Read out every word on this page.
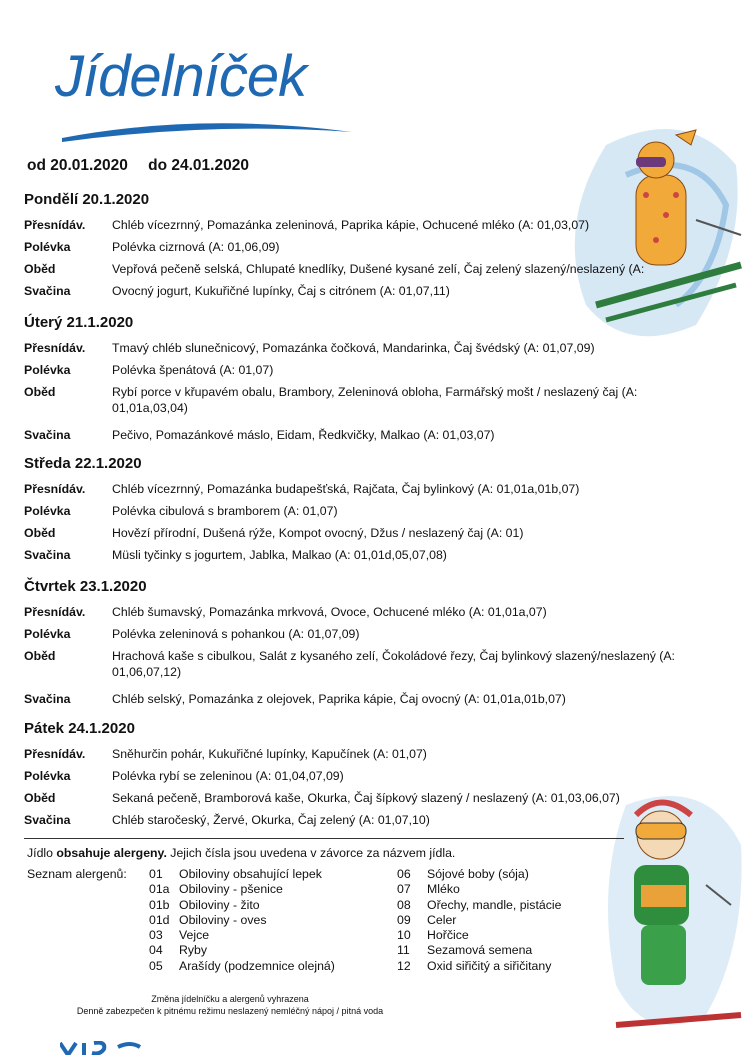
Jídelníček
od 20.01.2020 do 24.01.2020
Pondělí 20.1.2020
Přesnídáv.	Chléb vícezrnný, Pomazánka zeleninová, Paprika kápie, Ochucené mléko (A: 01,03,07)
Polévka	Polévka cizrnová (A: 01,06,09)
Oběd	Vepřová pečeně selská, Chlupaté knedlíky, Dušené kysané zelí, Čaj zelený slazený/neslazený (A:
Svačina	Ovocný jogurt, Kukuřičné lupínky, Čaj s citrónem (A: 01,07,11)
Úterý 21.1.2020
Přesnídáv.	Tmavý chléb slunečnicový, Pomazánka čočková, Mandarinka, Čaj švédský (A: 01,07,09)
Polévka	Polévka špenátová (A: 01,07)
Oběd	Rybí porce v křupavém obalu, Brambory, Zeleninová obloha, Farmářský mošt / neslazený čaj (A: 01,01a,03,04)
Svačina	Pečivo, Pomazánkové máslo, Eidam, Ředkvičky, Malkao (A: 01,03,07)
Středa 22.1.2020
Přesnídáv.	Chléb vícezrnný, Pomazánka budapešťská, Rajčata, Čaj bylinkový (A: 01,01a,01b,07)
Polévka	Polévka cibulová s bramborem (A: 01,07)
Oběd	Hovězí přírodní, Dušená rýže, Kompot ovocný, Džus / neslazený čaj (A: 01)
Svačina	Müsli tyčinky s jogurtem, Jablka, Malkao (A: 01,01d,05,07,08)
Čtvrtek 23.1.2020
Přesnídáv.	Chléb šumavský, Pomazánka mrkvová, Ovoce, Ochucené mléko (A: 01,01a,07)
Polévka	Polévka zeleninová s pohankou (A: 01,07,09)
Oběd	Hrachová kaše s cibulkou, Salát z kysaného zelí, Čokoládové řezy, Čaj bylinkový slazený/neslazený (A: 01,06,07,12)
Svačina	Chléb selský, Pomazánka z olejovek, Paprika kápie, Čaj ovocný (A: 01,01a,01b,07)
Pátek 24.1.2020
Přesnídáv.	Sněhurčin pohár, Kukuřičné lupínky, Kapučínek (A: 01,07)
Polévka	Polévka rybí se zeleninou (A: 01,04,07,09)
Oběd	Sekaná pečeně, Bramborová kaše, Okurka, Čaj šípkový slazený / neslazený (A: 01,03,06,07)
Svačina	Chléb staročeský, Žervé, Okurka, Čaj zelený (A: 01,07,10)
Jídlo obsahuje alergeny. Jejich čísla jsou uvedena v závorce za názvem jídla.
Seznam alergenů: 01 Obiloviny obsahující lepek
01a Obiloviny - pšenice
01b Obiloviny - žito
01d Obiloviny - oves
03 Vejce
04 Ryby
05 Arašídy (podzemnice olejná)
06 Sójové boby (sója)
07 Mléko
08 Ořechy, mandle, pistácie
09 Celer
10 Hořčice
11 Sezamová semena
12 Oxid siřičitý a siřičitany
Změna jídelníčku a alergenů vyhrazena
Denně zabezpečen k pitnému režimu neslazený nemléčný nápoj / pitná voda
